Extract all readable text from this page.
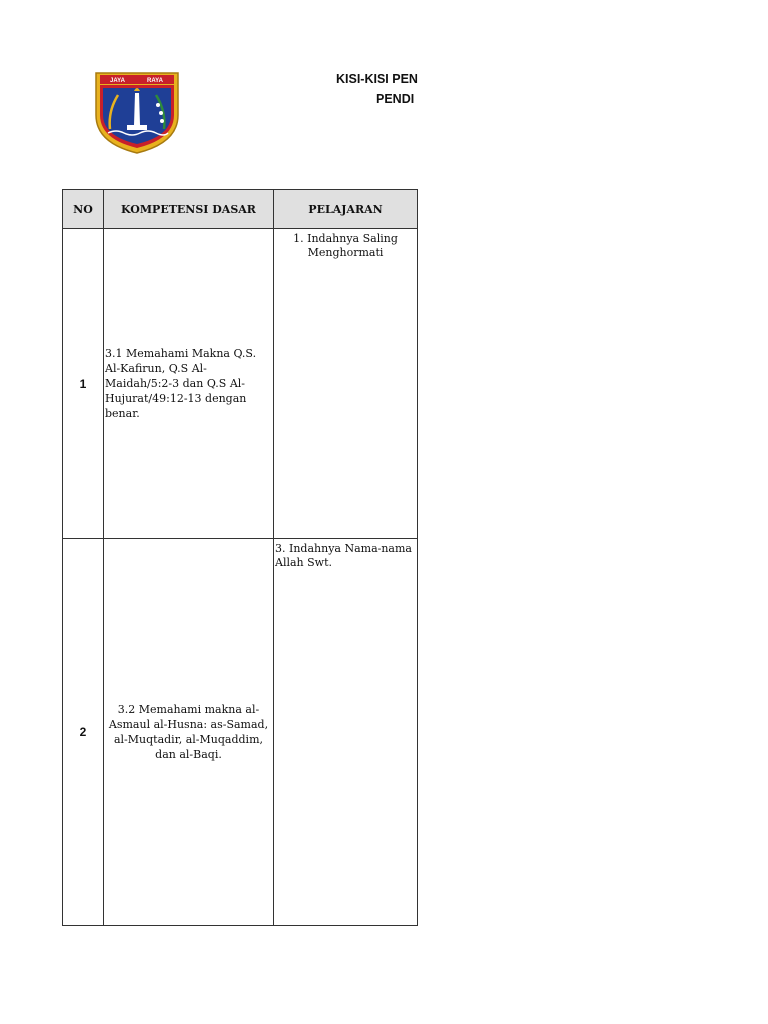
JAYA	RAYA	KISI-KISI PEN
PENDI
NO	KOMPETENSI DASAR	PELAJARAN
1	3.1 Memahami Makna Q.S. Al-Kafirun, Q.S Al-Maidah/5:2-3 dan Q.S Al-Hujurat/49:12-13 dengan benar.	1. Indahnya Saling Menghormati

2	3.2 Memahami makna al-Asmaul al-Husna: as-Samad, al-Muqtadir, al-Muqaddim, dan al-Baqi.	3. Indahnya Nama-nama Allah Swt.
